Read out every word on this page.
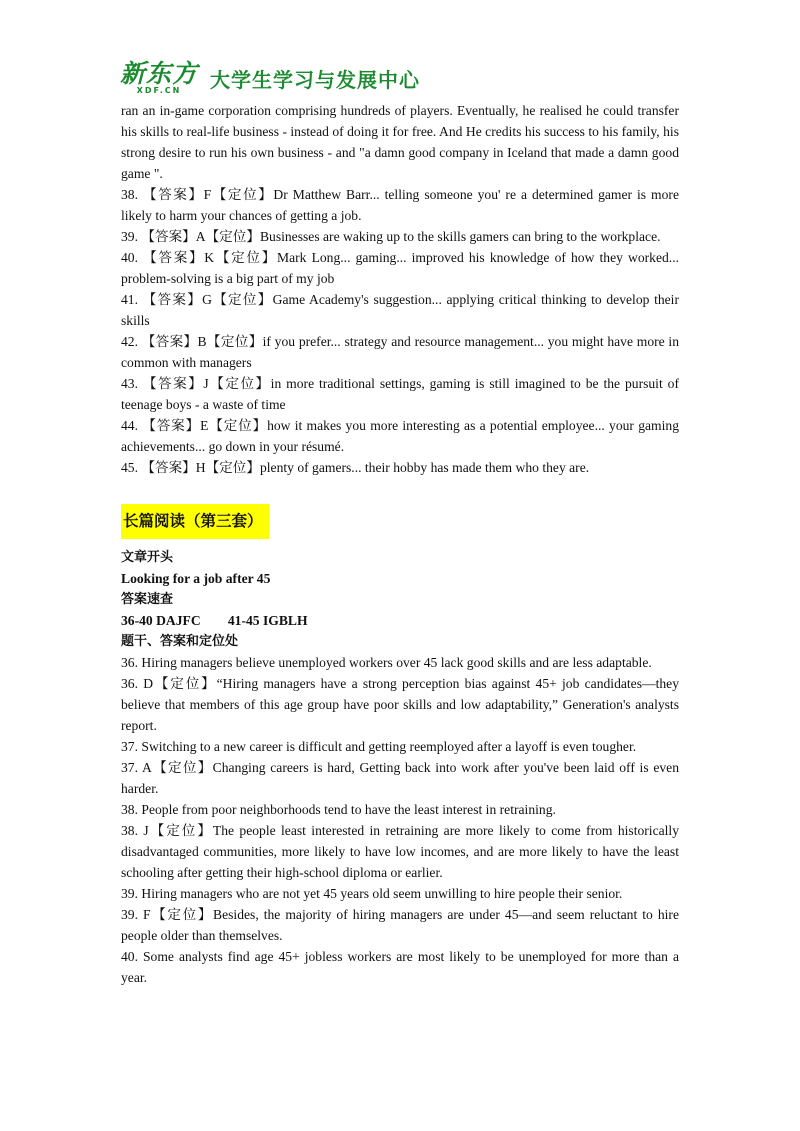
新东方
XDF.CN 大学生学习与发展中心

ran an in-game corporation comprising hundreds of players. Eventually, he realised he could transfer his skills to real-life business - instead of doing it for free. And He credits his success to his family, his strong desire to run his own business - and "a damn good company in Iceland that made a damn good game ".

38. 【答案】F【定位】Dr Matthew Barr... telling someone you' re a determined gamer is more likely to harm your chances of getting a job.

39. 【答案】A【定位】Businesses are waking up to the skills gamers can bring to the workplace.

40. 【答案】K【定位】Mark Long... gaming... improved his knowledge of how they worked... problem-solving is a big part of my job

41. 【答案】G【定位】Game Academy's suggestion... applying critical thinking to develop their skills

42. 【答案】B【定位】if you prefer... strategy and resource management... you might have more in common with managers

43. 【答案】J【定位】in more traditional settings, gaming is still imagined to be the pursuit of teenage boys - a waste of time

44. 【答案】E【定位】how it makes you more interesting as a potential employee... your gaming achievements... go down in your résumé.

45. 【答案】H【定位】plenty of gamers... their hobby has made them who they are.

长篇阅读（第三套）

文章开头

Looking for a job after 45

答案速查

36-40 DAJFC        41-45 IGBLH

题干、答案和定位处

36. Hiring managers believe unemployed workers over 45 lack good skills and are less adaptable.

36. D【定位】“Hiring managers have a strong perception bias against 45+ job candidates—they believe that members of this age group have poor skills and low adaptability,” Generation's analysts report.

37. Switching to a new career is difficult and getting reemployed after a layoff is even tougher.

37. A【定位】Changing careers is hard, Getting back into work after you've been laid off is even harder.

38. People from poor neighborhoods tend to have the least interest in retraining.

38. J【定位】The people least interested in retraining are more likely to come from historically disadvantaged communities, more likely to have low incomes, and are more likely to have the least schooling after getting their high-school diploma or earlier.

39. Hiring managers who are not yet 45 years old seem unwilling to hire people their senior.

39. F【定位】Besides, the majority of hiring managers are under 45—and seem reluctant to hire people older than themselves.

40. Some analysts find age 45+ jobless workers are most likely to be unemployed for more than a year.
